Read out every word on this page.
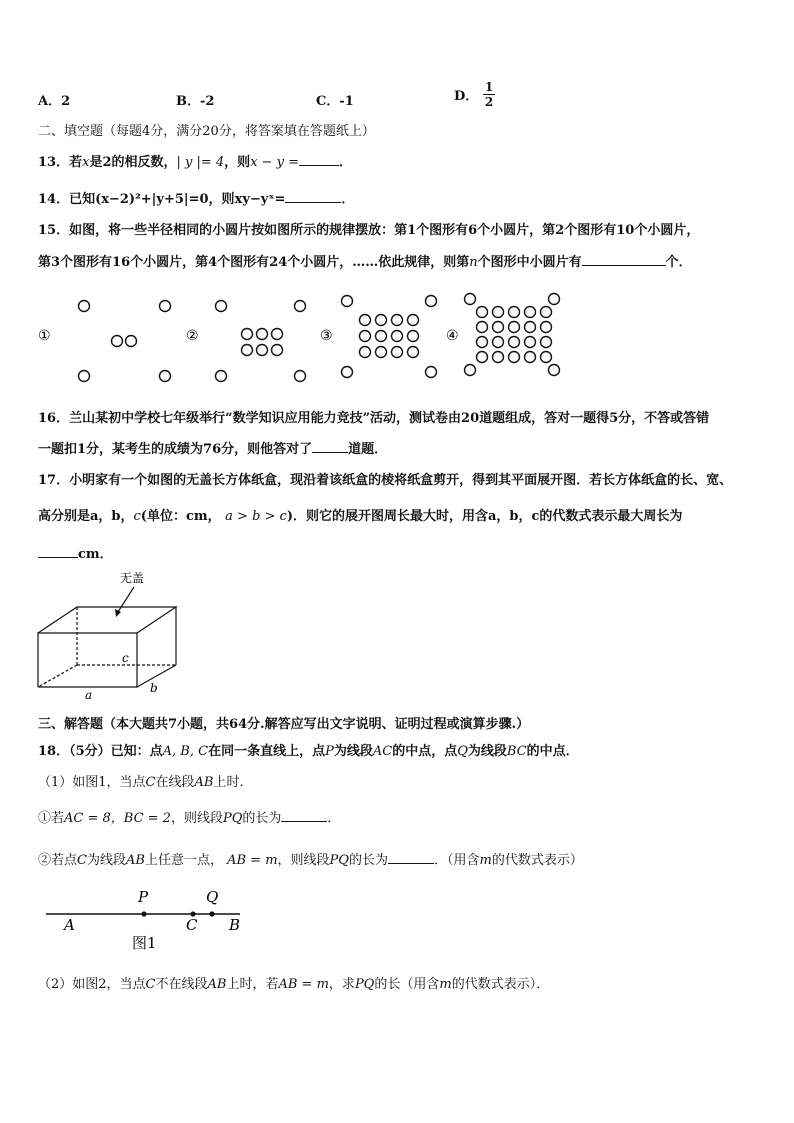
A．2	B．-2	C．-1	D． $\frac{1}{2}$
二、填空题（每题4分，满分20分，将答案填在答题纸上）
13．若x是2的相反数，| y |= 4，则x − y =	．
14．已知(x−2)²+|y+5|=0，则xy−yˣ=	．
15．如图，将一些半径相同的小圆片按如图所示的规律摆放：第1个图形有6个小圆片，第2个图形有10个小圆片，
第3个图形有16个小圆片，第4个图形有24个小圆片，……依此规律，则第n个图形中小圆片有	个．
①	②	③	④
16．兰山某初中学校七年级举行“数学知识应用能力竞技”活动，测试卷由20道题组成，答对一题得5分，不答或答错
一题扣1分，某考生的成绩为76分，则他答对了	道题．
17．小明家有一个如图的无盖长方体纸盒，现沿着该纸盒的棱将纸盒剪开，得到其平面展开图．若长方体纸盒的长、宽、
高分别是a，b，c(单位：cm， a > b > c)．则它的展开图周长最大时，用含a，b，c的代数式表示最大周长为
cm．
无盖
a	b
c
三、解答题（本大题共7小题，共64分.解答应写出文字说明、证明过程或演算步骤.）
18．（5分）已知：点A, B, C在同一条直线上，点P为线段AC的中点，点Q为线段BC的中点．
（1）如图1，当点C在线段AB上时．
①若AC = 8，BC = 2，则线段PQ的长为	．
②若点C为线段AB上任意一点， AB = m，则线段PQ的长为	．（用含m的代数式表示）
A
P	Q
C B
图1
（2）如图2，当点C不在线段AB上时，若AB = m，求PQ的长（用含m的代数式表示）．
